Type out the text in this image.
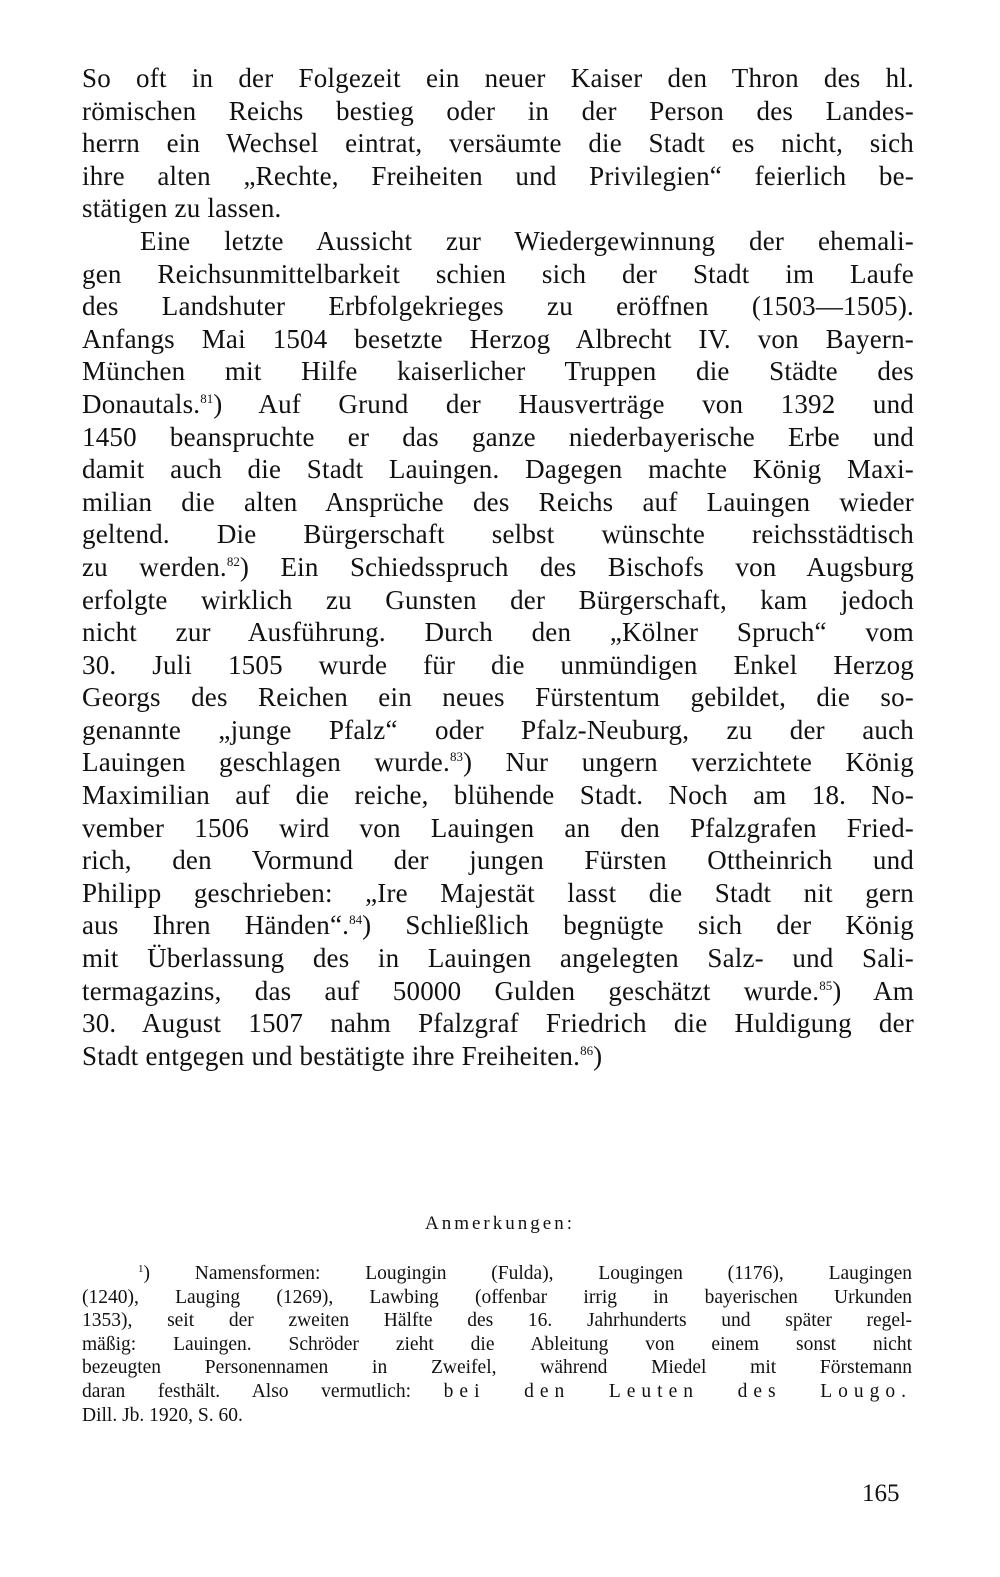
So oft in der Folgezeit ein neuer Kaiser den Thron des hl.
römischen Reichs bestieg oder in der Person des Landes-
herrn ein Wechsel eintrat, versäumte die Stadt es nicht, sich
ihre alten „Rechte, Freiheiten und Privilegien“ feierlich be-
stätigen zu lassen.

Eine letzte Aussicht zur Wiedergewinnung der ehemali-
gen Reichsunmittelbarkeit schien sich der Stadt im Laufe
des Landshuter Erbfolgekrieges zu eröffnen (1503—1505).
Anfangs Mai 1504 besetzte Herzog Albrecht IV. von Bayern-
München mit Hilfe kaiserlicher Truppen die Städte des
Donautals.$^{81}$) Auf Grund der Hausverträge von 1392 und
1450 beanspruchte er das ganze niederbayerische Erbe und
damit auch die Stadt Lauingen. Dagegen machte König Maxi-
milian die alten Ansprüche des Reichs auf Lauingen wieder
geltend. Die Bürgerschaft selbst wünschte reichsstädtisch
zu werden.$^{82}$) Ein Schiedsspruch des Bischofs von Augsburg
erfolgte wirklich zu Gunsten der Bürgerschaft, kam jedoch
nicht zur Ausführung. Durch den „Kölner Spruch“ vom
30. Juli 1505 wurde für die unmündigen Enkel Herzog
Georgs des Reichen ein neues Fürstentum gebildet, die so-
genannte „junge Pfalz“ oder Pfalz-Neuburg, zu der auch
Lauingen geschlagen wurde.$^{83}$) Nur ungern verzichtete König
Maximilian auf die reiche, blühende Stadt. Noch am 18. No-
vember 1506 wird von Lauingen an den Pfalzgrafen Fried-
rich, den Vormund der jungen Fürsten Ottheinrich und
Philipp geschrieben: „Ire Majestät lasst die Stadt nit gern
aus Ihren Händen“.$^{84}$) Schließlich begnügte sich der König
mit Überlassung des in Lauingen angelegten Salz- und Sali-
termagazins, das auf 50000 Gulden geschätzt wurde.$^{85}$) Am
30. August 1507 nahm Pfalzgraf Friedrich die Huldigung der
Stadt entgegen und bestätigte ihre Freiheiten.$^{86}$)

Anmerkungen:

$^1$) Namensformen: Lougingin (Fulda), Lougingen (1176), Laugingen
(1240), Lauging (1269), Lawbing (offenbar irrig in bayerischen Urkunden
1353), seit der zweiten Hälfte des 16. Jahrhunderts und später regel-
mäßig: Lauingen. Schröder zieht die Ableitung von einem sonst nicht
bezeugten Personennamen in Zweifel, während Miedel mit Förstemann
daran festhält. Also vermutlich: bei den Leuten des Lougo.
Dill. Jb. 1920, S. 60.

165
